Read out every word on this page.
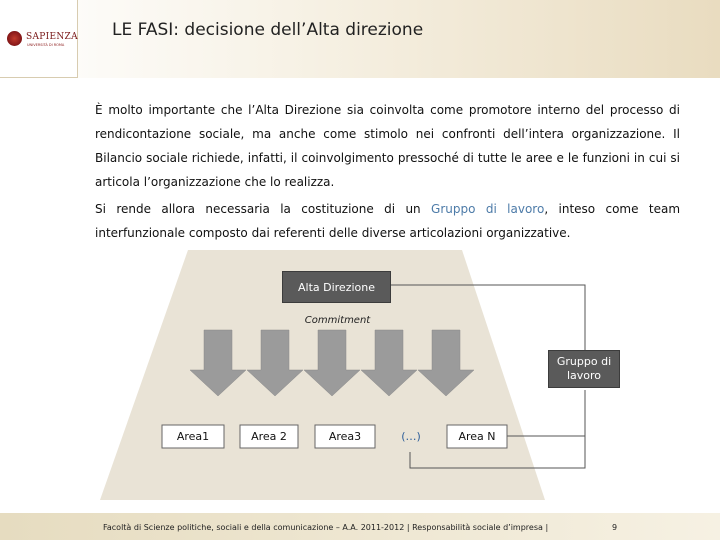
SAPIENZA
UNIVERSITÀ DI ROMA
LE FASI: decisione dell’Alta direzione
È molto importante che l’Alta Direzione sia coinvolta come promotore interno del processo di rendicontazione sociale, ma anche come stimolo nei confronti dell’intera organizzazione. Il Bilancio sociale richiede, infatti, il coinvolgimento pressoché di tutte le aree e le funzioni in cui si articola l’organizzazione che lo realizza.
Si rende allora necessaria la costituzione di un Gruppo di lavoro, inteso come team interfunzionale composto dai referenti delle diverse articolazioni organizzative.
Alta Direzione
Commitment
Gruppo di lavoro
Area1	Area 2	Area3	(…)	Area N
Facoltà di Scienze politiche, sociali e della comunicazione – A.A. 2011-2012 | Responsabilità sociale d’impresa |	9
